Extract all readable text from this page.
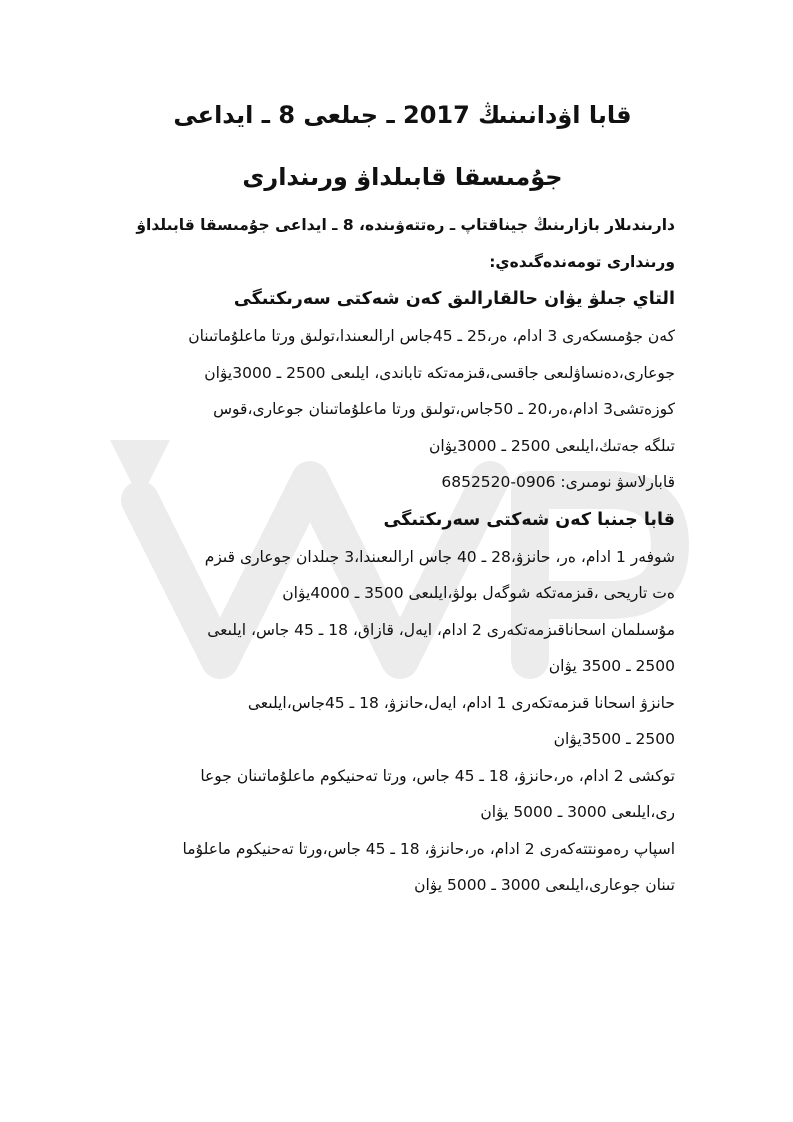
قابا اۋدانىنىڭ 2017 ـ جىلعى 8 ـ ايداعى
جۇمىسقا قابىلداۋ ورىندارى

دارىندىلار بازارىنىڭ جيناقتاپ ـ رەتتەۋىندە، 8 ـ ايداعى جۇمىسقا قابىلداۋ

ورىندارى تومەندەگىدەي:

التاي جىلۋ يۋان حالقارالىق كەن شەكتى سەرىكتىگى

كەن جۇمىسكەرى 3 ادام، ەر،25 ـ 45جاس ارالىعىندا،تولىق ورتا ماعلۇماتىنان

جوعارى،دەنساۋلىعى جاقسى،قىزمەتكە تاباندى، ايلىعى 2500 ـ 3000يۋان

كوزەتشى3 ادام،ەر،20 ـ 50جاس،تولىق ورتا ماعلۇماتىنان جوعارى،قوس

تىلگە جەتىك،ايلىعى 2500 ـ 3000يۋان

قابارلاسۋ نومىرى: 0906-6852520

قابا جىنبا كەن شەكتى سەرىكتىگى

شوفەر 1 ادام، ەر، حانزۋ،28 ـ 40 جاس ارالىعىندا،3 جىلدان جوعارى قىزم

ەت تاريحى ،قىزمەتكە شوگەل بولۋ،ايلىعى 3500 ـ 4000يۋان

مۇسىلمان اسحاناقىزمەتكەرى 2 ادام، ايەل، قازاق، 18 ـ 45 جاس، ايلىعى

2500 ـ 3500 يۋان

حانزۋ اسحانا قىزمەتكەرى 1 ادام، ايەل،حانزۋ، 18 ـ 45جاس،ايلىعى

2500 ـ 3500يۋان

توكشى 2 ادام، ەر،حانزۋ، 18 ـ 45 جاس، ورتا تەحنيكوم ماعلۇماتىنان جوعا

رى،ايلىعى 3000 ـ 5000 يۋان

اسپاپ رەمونتتەكەرى 2 ادام، ەر،حانزۋ، 18 ـ 45 جاس،ورتا تەحنيكوم ماعلۇما

تىنان جوعارى،ايلىعى 3000 ـ 5000 يۋان
